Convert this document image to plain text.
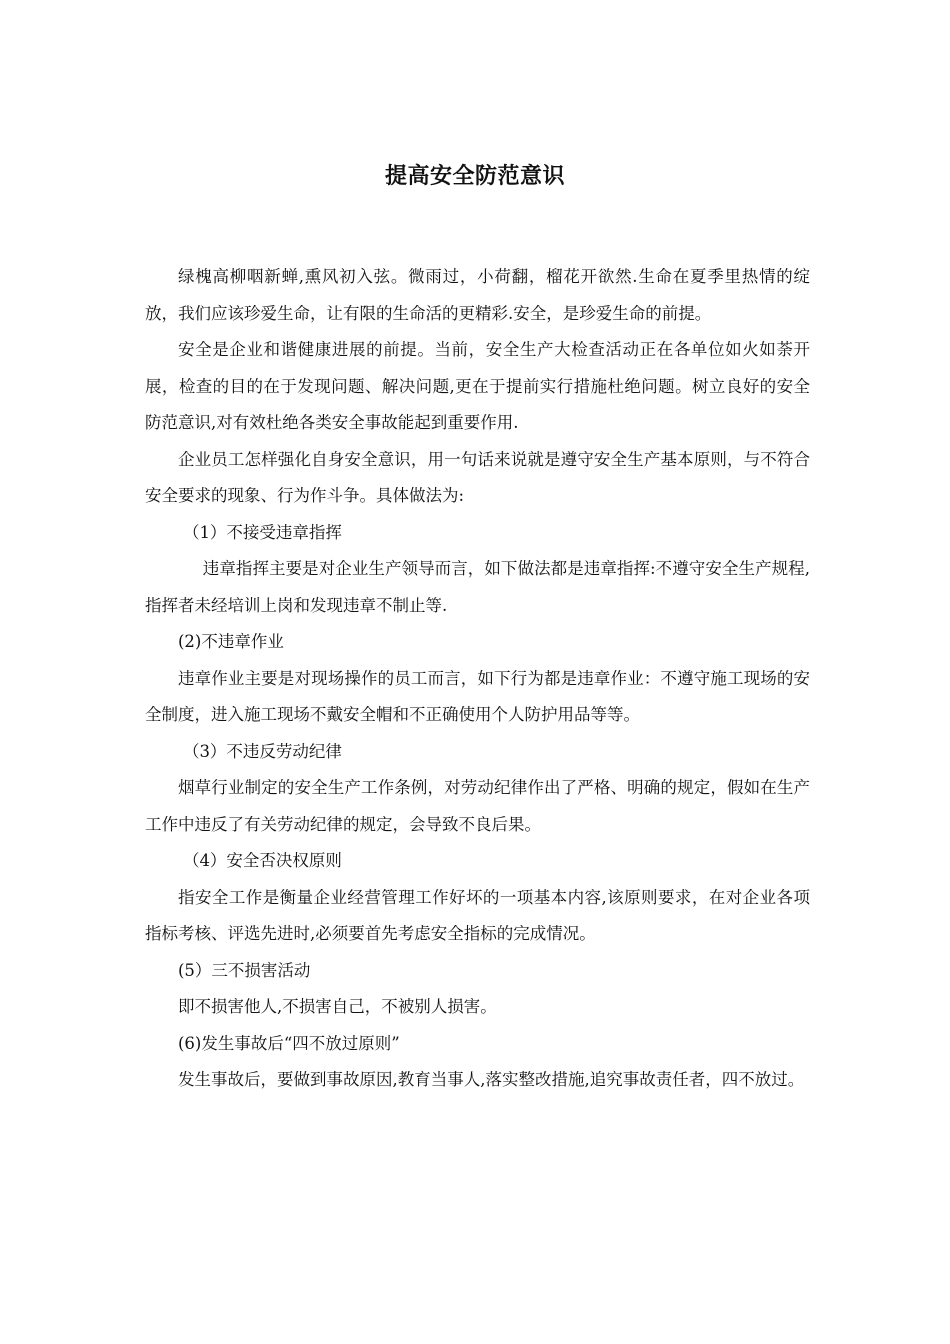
提高安全防范意识

绿槐高柳咽新蝉,熏风初入弦。微雨过，小荷翻，榴花开欲然.生命在夏季里热情的绽放，我们应该珍爱生命，让有限的生命活的更精彩.安全，是珍爱生命的前提。

安全是企业和谐健康进展的前提。当前，安全生产大检查活动正在各单位如火如荼开展，检查的目的在于发现问题、解决问题,更在于提前实行措施杜绝问题。树立良好的安全防范意识,对有效杜绝各类安全事故能起到重要作用.

企业员工怎样强化自身安全意识，用一句话来说就是遵守安全生产基本原则，与不符合安全要求的现象、行为作斗争。具体做法为:

（1）不接受违章指挥

违章指挥主要是对企业生产领导而言，如下做法都是违章指挥:不遵守安全生产规程,指挥者未经培训上岗和发现违章不制止等.

(2)不违章作业

违章作业主要是对现场操作的员工而言，如下行为都是违章作业：不遵守施工现场的安全制度，进入施工现场不戴安全帽和不正确使用个人防护用品等等。

（3）不违反劳动纪律

烟草行业制定的安全生产工作条例，对劳动纪律作出了严格、明确的规定，假如在生产工作中违反了有关劳动纪律的规定，会导致不良后果。

（4）安全否决权原则

指安全工作是衡量企业经营管理工作好坏的一项基本内容,该原则要求，在对企业各项指标考核、评选先进时,必须要首先考虑安全指标的完成情况。

(5）三不损害活动

即不损害他人,不损害自己，不被别人损害。

(6)发生事故后“四不放过原则”

发生事故后，要做到事故原因,教育当事人,落实整改措施,追究事故责任者，四不放过。
